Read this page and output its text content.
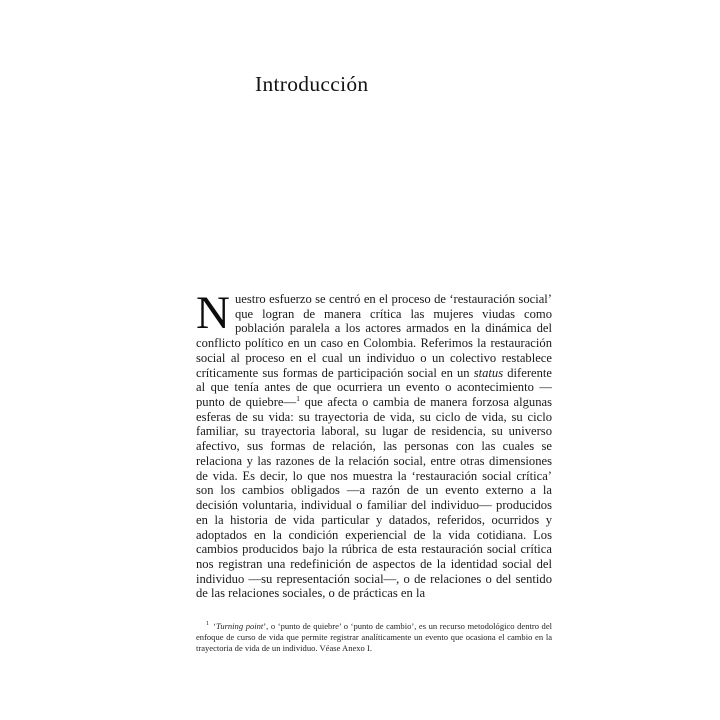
Introducción

Nuestro esfuerzo se centró en el proceso de ‘restauración social’ que logran de manera crítica las mujeres viudas como población paralela a los actores armados en la dinámica del conflicto político en un caso en Colombia. Referimos la restauración social al proceso en el cual un individuo o un colectivo restablece críticamente sus formas de participación social en un status diferente al que tenía antes de que ocurriera un evento o acontecimiento —punto de quiebre—$^1$ que afecta o cambia de manera forzosa algunas esferas de su vida: su trayectoria de vida, su ciclo de vida, su ciclo familiar, su trayectoria laboral, su lugar de residencia, su universo afectivo, sus formas de relación, las personas con las cuales se relaciona y las razones de la relación social, entre otras dimensiones de vida. Es decir, lo que nos muestra la ‘restauración social crítica’ son los cambios obligados —a razón de un evento externo a la decisión voluntaria, individual o familiar del individuo— producidos en la historia de vida particular y datados, referidos, ocurridos y adoptados en la condición experiencial de la vida cotidiana. Los cambios producidos bajo la rúbrica de esta restauración social crítica nos registran una redefinición de aspectos de la identidad social del individuo —su representación social—, o de relaciones o del sentido de las relaciones sociales, o de prácticas en la

$^1$ ‘Turning point’, o ‘punto de quiebre’ o ‘punto de cambio’, es un recurso metodológico dentro del enfoque de curso de vida que permite registrar analíticamente un evento que ocasiona el cambio en la trayectoria de vida de un individuo. Véase Anexo I.
